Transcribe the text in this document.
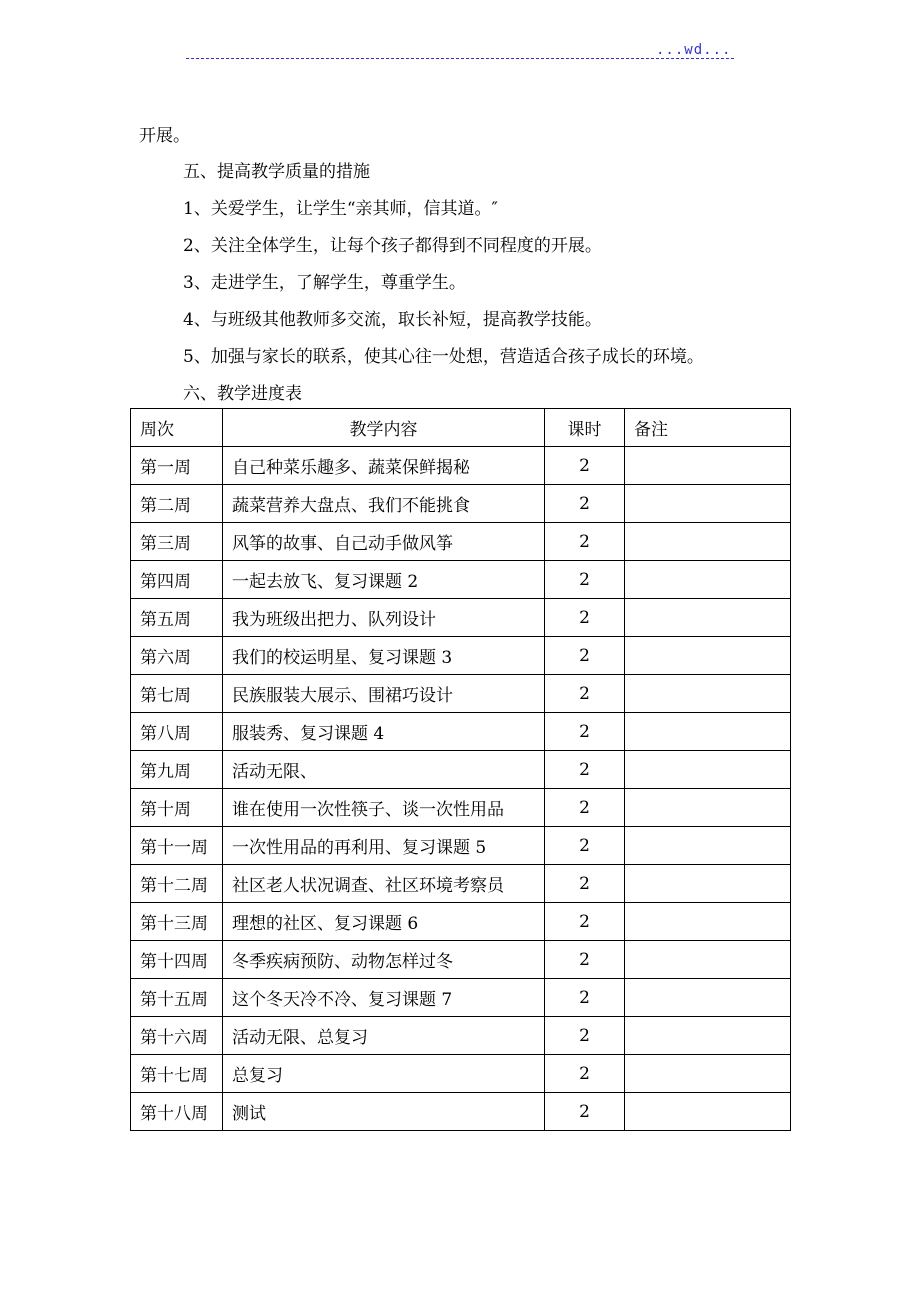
...wd...
开展。
五、提高教学质量的措施
1、关爱学生，让学生“亲其师，信其道。″
2、关注全体学生，让每个孩子都得到不同程度的开展。
3、走进学生，了解学生，尊重学生。
4、与班级其他教师多交流，取长补短，提高教学技能。
5、加强与家长的联系，使其心往一处想，营造适合孩子成长的环境。
六、教学进度表
周次	教学内容	课时	备注
第一周	自己种菜乐趣多、蔬菜保鲜揭秘	2	
第二周	蔬菜营养大盘点、我们不能挑食	2	
第三周	风筝的故事、自己动手做风筝	2	
第四周	一起去放飞、复习课题 2	2	
第五周	我为班级出把力、队列设计	2	
第六周	我们的校运明星、复习课题 3	2	
第七周	民族服装大展示、围裙巧设计	2	
第八周	服装秀、复习课题 4	2	
第九周	活动无限、	2	
第十周	谁在使用一次性筷子、谈一次性用品	2	
第十一周	一次性用品的再利用、复习课题 5	2	
第十二周	社区老人状况调查、社区环境考察员	2	
第十三周	理想的社区、复习课题 6	2	
第十四周	冬季疾病预防、动物怎样过冬	2	
第十五周	这个冬天冷不冷、复习课题 7	2	
第十六周	活动无限、总复习	2	
第十七周	总复习	2	
第十八周	测试	2	
